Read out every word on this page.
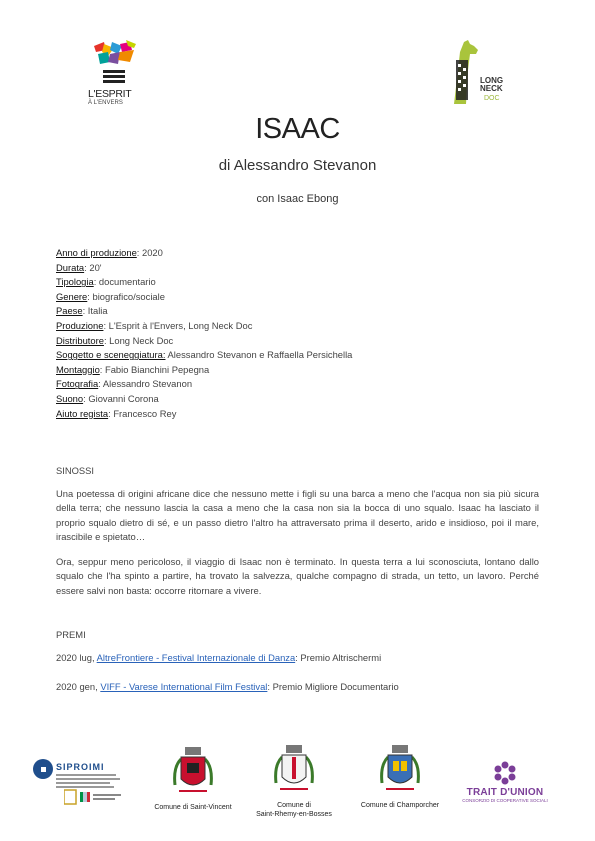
L'ESPRIT
À L'ENVERS
LONG
NECK
DOC
ISAAC
di Alessandro Stevanon
con Isaac Ebong
Anno di produzione: 2020
Durata: 20'
Tipologia: documentario
Genere: biografico/sociale
Paese: Italia
Produzione: L'Esprit à l'Envers, Long Neck Doc
Distributore: Long Neck Doc
Soggetto e sceneggiatura: Alessandro Stevanon e Raffaella Persichella
Montaggio: Fabio Bianchini Pepegna
Fotografia: Alessandro Stevanon
Suono: Giovanni Corona
Aiuto regista: Francesco Rey
SINOSSI
Una poetessa di origini africane dice che nessuno mette i figli su una barca a meno che l'acqua non sia più sicura della terra; che nessuno lascia la casa a meno che la casa non sia la bocca di uno squalo. Isaac ha lasciato il proprio squalo dietro di sé, e un passo dietro l'altro ha attraversato prima il deserto, arido e insidioso, poi il mare, irascibile e spietato…
Ora, seppur meno pericoloso, il viaggio di Isaac non è terminato. In questa terra a lui sconosciuta, lontano dallo squalo che l'ha spinto a partire, ha trovato la salvezza, qualche compagno di strada, un tetto, un lavoro. Perché essere salvi non basta: occorre ritornare a vivere.
PREMI
2020 lug, AltreFrontiere - Festival Internazionale di Danza: Premio Altrischermi
2020 gen, VIFF - Varese International Film Festival: Premio Migliore Documentario
SIPROIMI
Comune di Saint-Vincent	Comune di
Saint-Rhemy-en-Bosses
Comune di Champorcher
TRAIT D'UNION
CONSORZIO DI COOPERATIVE SOCIALI
